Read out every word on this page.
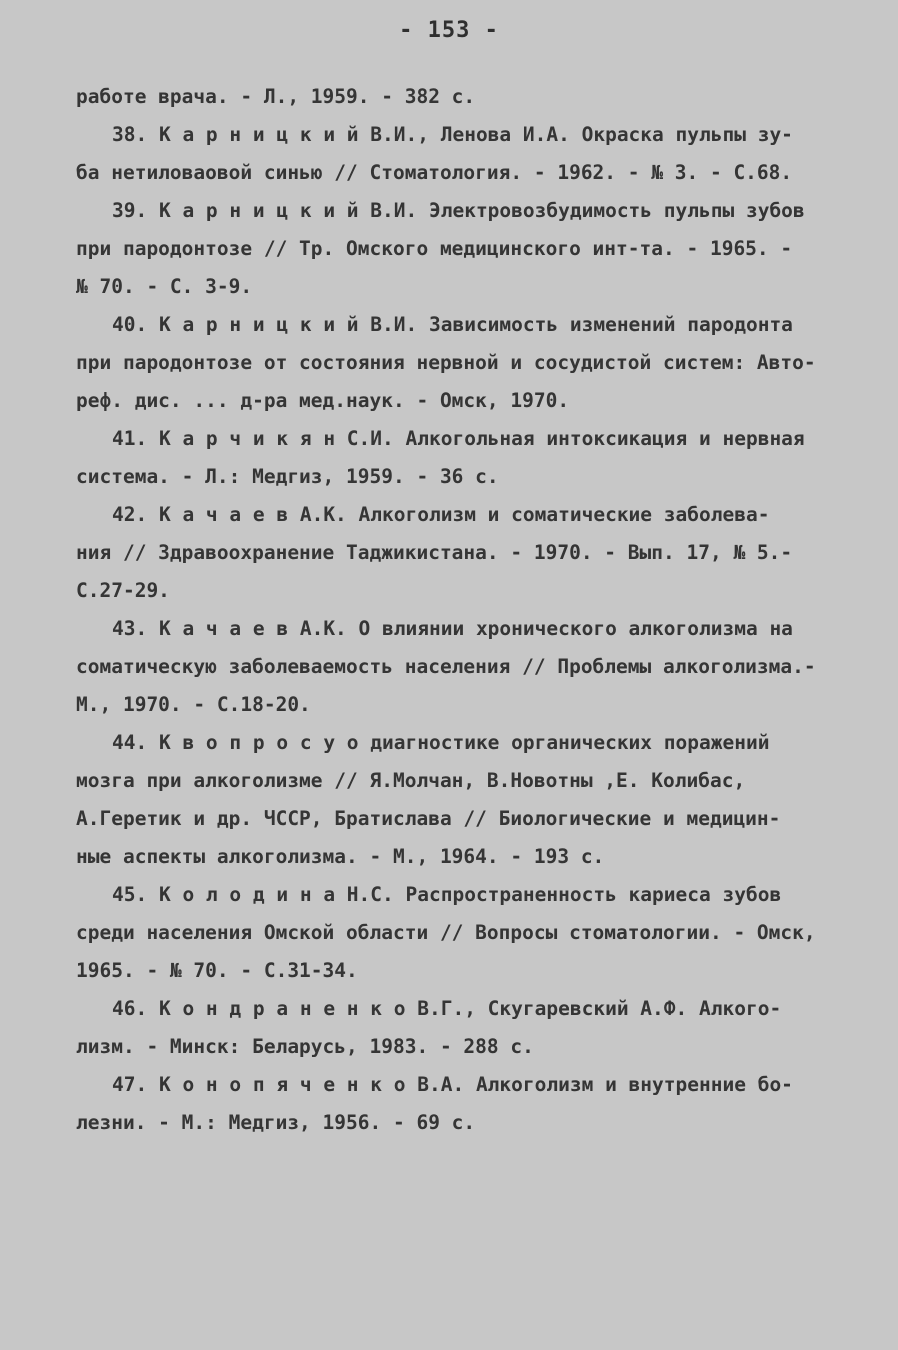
- 153 -
работе врача. - Л., 1959. - 382 с.
38. К а р н и ц к и й В.И., Ленова И.А. Окраска пульпы зу-
ба нетиловаовой синью // Стоматология. - 1962. - № 3. - С.68.
39. К а р н и ц к и й В.И. Электровозбудимость пульпы зубов
при пародонтозе // Тр. Омского медицинского инт-та. - 1965. -
№ 70. - С. 3-9.
40. К а р н и ц к и й В.И. Зависимость изменений пародонта
при пародонтозе от состояния нервной и сосудистой систем: Авто-
реф. дис. ... д-ра мед.наук. - Омск, 1970.
41. К а р ч и к я н С.И. Алкогольная интоксикация и нервная
система. - Л.: Медгиз, 1959. - 36 с.
42. К а ч а е в А.К. Алкоголизм и соматические заболева-
ния // Здравоохранение Таджикистана. - 1970. - Вып. 17, № 5.-
С.27-29.
43. К а ч а е в А.К. О влиянии хронического алкоголизма на
соматическую заболеваемость населения // Проблемы алкоголизма.-
М., 1970. - С.18-20.
44. К в о п р о с у о диагностике органических поражений
мозга при алкоголизме // Я.Молчан, В.Новотны ,Е. Колибас,
А.Геретик и др. ЧССР, Братислава // Биологические и медицин-
ные аспекты алкоголизма. - М., 1964. - 193 с.
45. К о л о д и н а Н.С. Распространенность кариеса зубов
среди населения Омской области // Вопросы стоматологии. - Омск,
1965. - № 70. - С.31-34.
46. К о н д р а н е н к о В.Г., Скугаревский А.Ф. Алкого-
лизм. - Минск: Беларусь, 1983. - 288 с.
47. К о н о п я ч е н к о В.А. Алкоголизм и внутренние бо-
лезни. - М.: Медгиз, 1956. - 69 с.
